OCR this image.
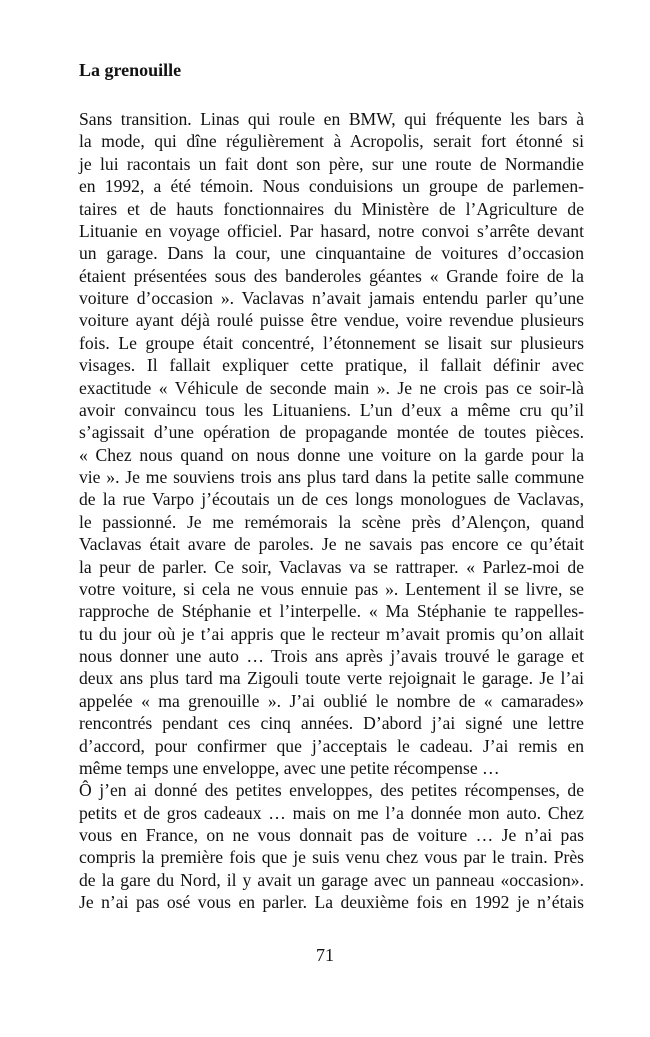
La grenouille
Sans transition. Linas qui roule en BMW, qui fréquente les bars à
la mode, qui dîne régulièrement à Acropolis, serait fort étonné si
je lui racontais un fait dont son père, sur une route de Normandie
en 1992, a été témoin. Nous conduisions un groupe de parlemen-
taires et de hauts fonctionnaires du Ministère de l’Agriculture de
Lituanie en voyage officiel. Par hasard, notre convoi s’arrête devant
un garage. Dans la cour, une cinquantaine de voitures d’occasion
étaient présentées sous des banderoles géantes « Grande foire de la
voiture d’occasion ». Vaclavas n’avait jamais entendu parler qu’une
voiture ayant déjà roulé puisse être vendue, voire revendue plusieurs
fois. Le groupe était concentré, l’étonnement se lisait sur plusieurs
visages. Il fallait expliquer cette pratique, il fallait définir avec
exactitude « Véhicule de seconde main ». Je ne crois pas ce soir-là
avoir convaincu tous les Lituaniens. L’un d’eux a même cru qu’il
s’agissait d’une opération de propagande montée de toutes pièces.
« Chez nous quand on nous donne une voiture on la garde pour la
vie ». Je me souviens trois ans plus tard dans la petite salle commune
de la rue Varpo j’écoutais un de ces longs monologues de Vaclavas,
le passionné. Je me remémorais la scène près d’Alençon, quand
Vaclavas était avare de paroles. Je ne savais pas encore ce qu’était
la peur de parler. Ce soir, Vaclavas va se rattraper. « Parlez-moi de
votre voiture, si cela ne vous ennuie pas ». Lentement il se livre, se
rapproche de Stéphanie et l’interpelle. « Ma Stéphanie te rappelles-
tu du jour où je t’ai appris que le recteur m’avait promis qu’on allait
nous donner une auto … Trois ans après j’avais trouvé le garage et
deux ans plus tard ma Zigouli toute verte rejoignait le garage. Je l’ai
appelée « ma grenouille ». J’ai oublié le nombre de « camarades»
rencontrés pendant ces cinq années. D’abord j’ai signé une lettre
d’accord, pour confirmer que j’acceptais le cadeau. J’ai remis en
même temps une enveloppe, avec une petite récompense …
Ô j’en ai donné des petites enveloppes, des petites récompenses, de
petits et de gros cadeaux … mais on me l’a donnée mon auto. Chez
vous en France, on ne vous donnait pas de voiture … Je n’ai pas
compris la première fois que je suis venu chez vous par le train. Près
de la gare du Nord, il y avait un garage avec un panneau «occasion».
Je n’ai pas osé vous en parler. La deuxième fois en 1992 je n’étais
71
